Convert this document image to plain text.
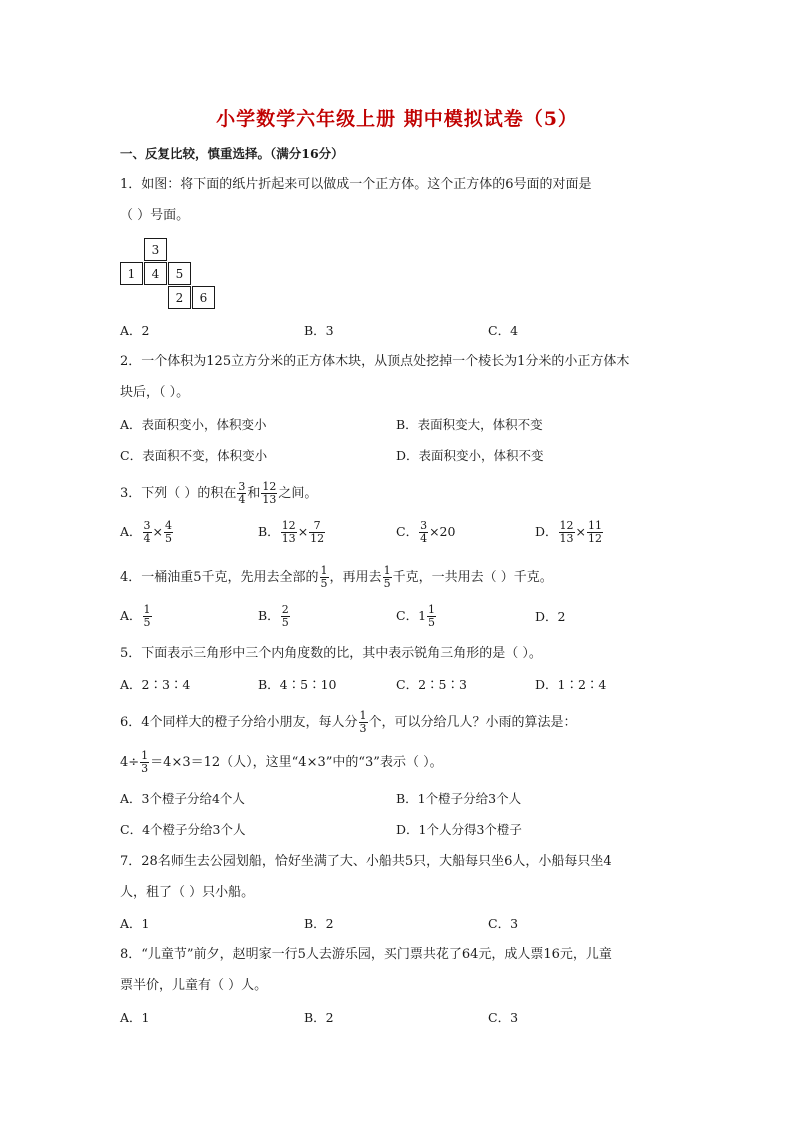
小学数学六年级上册 期中模拟试卷（5）
一、反复比较，慎重选择。（满分16分）
1．如图：将下面的纸片折起来可以做成一个正方体。这个正方体的6号面的对面是
（ ）号面。
3
1	4	5
2	6
A．2	B．3	C．4
2．一个体积为125立方分米的正方体木块，从顶点处挖掉一个棱长为1分米的小正方体木
块后，（ ）。
A．表面积变小，体积变小	B．表面积变大，体积不变
C．表面积不变，体积变小	D．表面积变小，体积不变
3．下列（ ）的积在 $\frac{3}{4}$ 和 $\frac{12}{13}$ 之间。
A． $\frac{3}{4} \times \frac{4}{5}$	B． $\frac{12}{13} \times \frac{7}{12}$	C． $\frac{3}{4} \times 20$	D． $\frac{12}{13} \times \frac{11}{12}$
4．一桶油重5千克，先用去全部的 $\frac{1}{5}$ ，再用去 $\frac{1}{5}$ 千克，一共用去（ ）千克。
A． $\frac{1}{5}$	B． $\frac{2}{5}$	C．$1 \frac{1}{5}$	D．2
5．下面表示三角形中三个内角度数的比，其中表示锐角三角形的是（ ）。
A．2∶3∶4	B．4∶5∶10	C．2∶5∶3	D．1∶2∶4
6．4个同样大的橙子分给小朋友，每人分 $\frac{1}{3}$ 个，可以分给几人？小雨的算法是：
$4\div \frac{1}{3} =4\times 3=12$（人），这里“4×3”中的“3”表示（ ）。
A．3个橙子分给4个人	B．1个橙子分给3个人
C．4个橙子分给3个人	D．1个人分得3个橙子
7．28名师生去公园划船，恰好坐满了大、小船共5只，大船每只坐6人，小船每只坐4
人，租了（ ）只小船。
A．1	B．2	C．3
8．“儿童节”前夕，赵明家一行5人去游乐园，买门票共花了64元，成人票16元，儿童
票半价，儿童有（ ）人。
A．1	B．2	C．3
